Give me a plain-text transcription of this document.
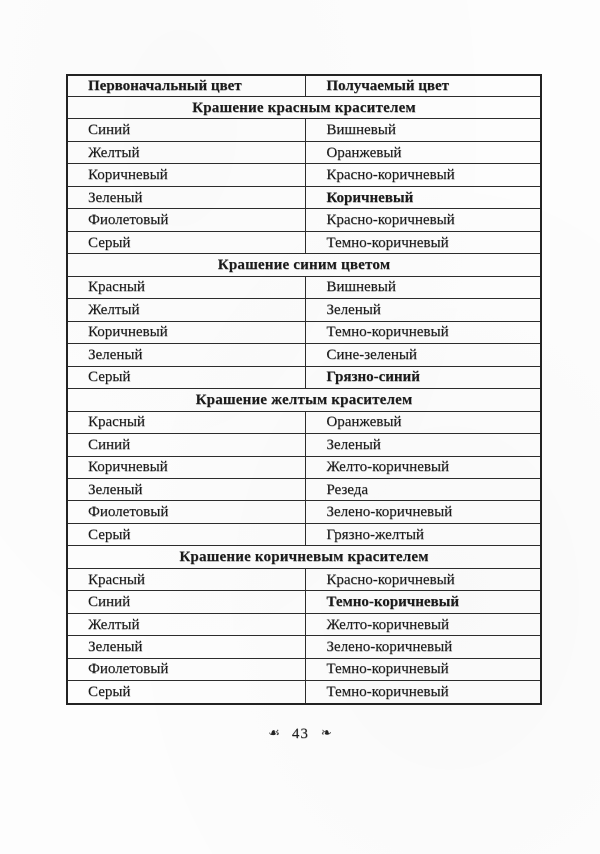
Первоначальный цвет	Получаемый цвет
Крашение красным красителем	
Синий	Вишневый
Желтый	Оранжевый
Коричневый	Красно-коричневый
Зеленый	Коричневый
Фиолетовый	Красно-коричневый
Серый	Темно-коричневый
Крашение синим цветом	
Красный	Вишневый
Желтый	Зеленый
Коричневый	Темно-коричневый
Зеленый	Сине-зеленый
Серый	Грязно-синий
Крашение желтым красителем	
Красный	Оранжевый
Синий	Зеленый
Коричневый	Желто-коричневый
Зеленый	Резеда
Фиолетовый	Зелено-коричневый
Серый	Грязно-желтый
Крашение коричневым красителем	
Красный	Красно-коричневый
Синий	Темно-коричневый
Желтый	Желто-коричневый
Зеленый	Зелено-коричневый
Фиолетовый	Темно-коричневый
Серый	Темно-коричневый
☙ 43 ❧
